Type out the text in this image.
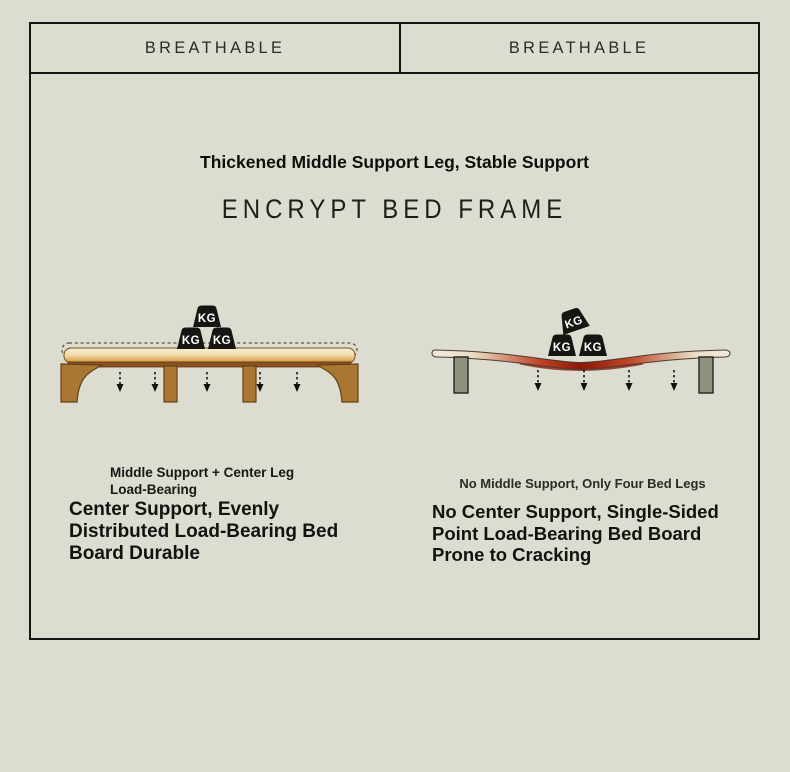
BREATHABLE	BREATHABLE
Thickened Middle Support Leg, Stable Support
ENCRYPT BED FRAME
KG
KG KG
KG
KG KG
Middle Support + Center Leg
Load-Bearing
Center Support, Evenly
Distributed Load-Bearing Bed
Board Durable
No Middle Support, Only Four Bed Legs
No Center Support, Single-Sided
Point Load-Bearing Bed Board
Prone to Cracking
